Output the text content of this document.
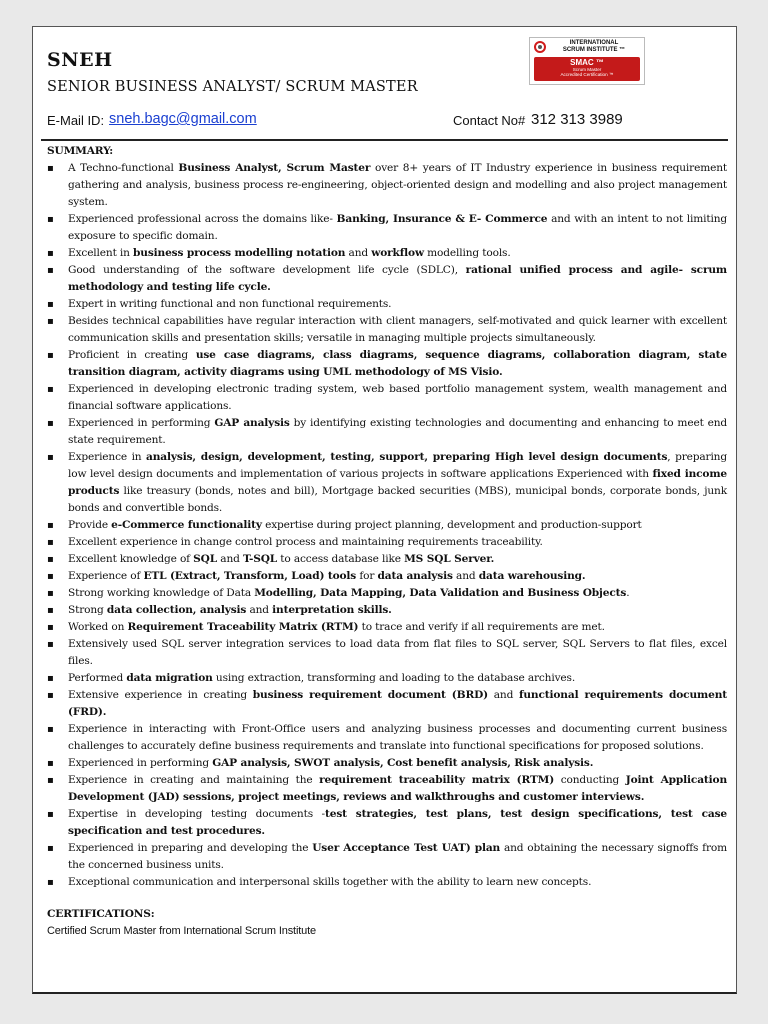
SNEH
SENIOR BUSINESS ANALYST/ SCRUM MASTER
INTERNATIONAL
SCRUM INSTITUTE ™
SMAC ™
Scrum Master
Accredited Certification ™
E-Mail ID: sneh.bagc@gmail.com	Contact No# 312 313 3989
SUMMARY:
▪ A Techno-functional Business Analyst, Scrum Master over 8+ years of IT Industry experience in business requirement gathering and analysis, business process re-engineering, object-oriented design and modelling and also project management system.
▪ Experienced professional across the domains like- Banking, Insurance & E- Commerce and with an intent to not limiting exposure to specific domain.
▪ Excellent in business process modelling notation and workflow modelling tools.
▪ Good understanding of the software development life cycle (SDLC), rational unified process and agile- scrum methodology and testing life cycle.
▪ Expert in writing functional and non functional requirements.
▪ Besides technical capabilities have regular interaction with client managers, self-motivated and quick learner with excellent communication skills and presentation skills; versatile in managing multiple projects simultaneously.
▪ Proficient in creating use case diagrams, class diagrams, sequence diagrams, collaboration diagram, state transition diagram, activity diagrams using UML methodology of MS Visio.
▪ Experienced in developing electronic trading system, web based portfolio management system, wealth management and financial software applications.
▪ Experienced in performing GAP analysis by identifying existing technologies and documenting and enhancing to meet end state requirement.
▪ Experience in analysis, design, development, testing, support, preparing High level design documents, preparing low level design documents and implementation of various projects in software applications Experienced with fixed income products like treasury (bonds, notes and bill), Mortgage backed securities (MBS), municipal bonds, corporate bonds, junk bonds and convertible bonds.
▪ Provide e-Commerce functionality expertise during project planning, development and production-support
▪ Excellent experience in change control process and maintaining requirements traceability.
▪ Excellent knowledge of SQL and T-SQL to access database like MS SQL Server.
▪ Experience of ETL (Extract, Transform, Load) tools for data analysis and data warehousing.
▪ Strong working knowledge of Data Modelling, Data Mapping, Data Validation and Business Objects.
▪ Strong data collection, analysis and interpretation skills.
▪ Worked on Requirement Traceability Matrix (RTM) to trace and verify if all requirements are met.
▪ Extensively used SQL server integration services to load data from flat files to SQL server, SQL Servers to flat files, excel files.
▪ Performed data migration using extraction, transforming and loading to the database archives.
▪ Extensive experience in creating business requirement document (BRD) and functional requirements document (FRD).
▪ Experience in interacting with Front-Office users and analyzing business processes and documenting current business challenges to accurately define business requirements and translate into functional specifications for proposed solutions.
▪ Experienced in performing GAP analysis, SWOT analysis, Cost benefit analysis, Risk analysis.
▪ Experience in creating and maintaining the requirement traceability matrix (RTM) conducting Joint Application Development (JAD) sessions, project meetings, reviews and walkthroughs and customer interviews.
▪ Expertise in developing testing documents -test strategies, test plans, test design specifications, test case specification and test procedures.
▪ Experienced in preparing and developing the User Acceptance Test UAT) plan and obtaining the necessary signoffs from the concerned business units.
▪ Exceptional communication and interpersonal skills together with the ability to learn new concepts.
CERTIFICATIONS:
Certified Scrum Master from International Scrum Institute
